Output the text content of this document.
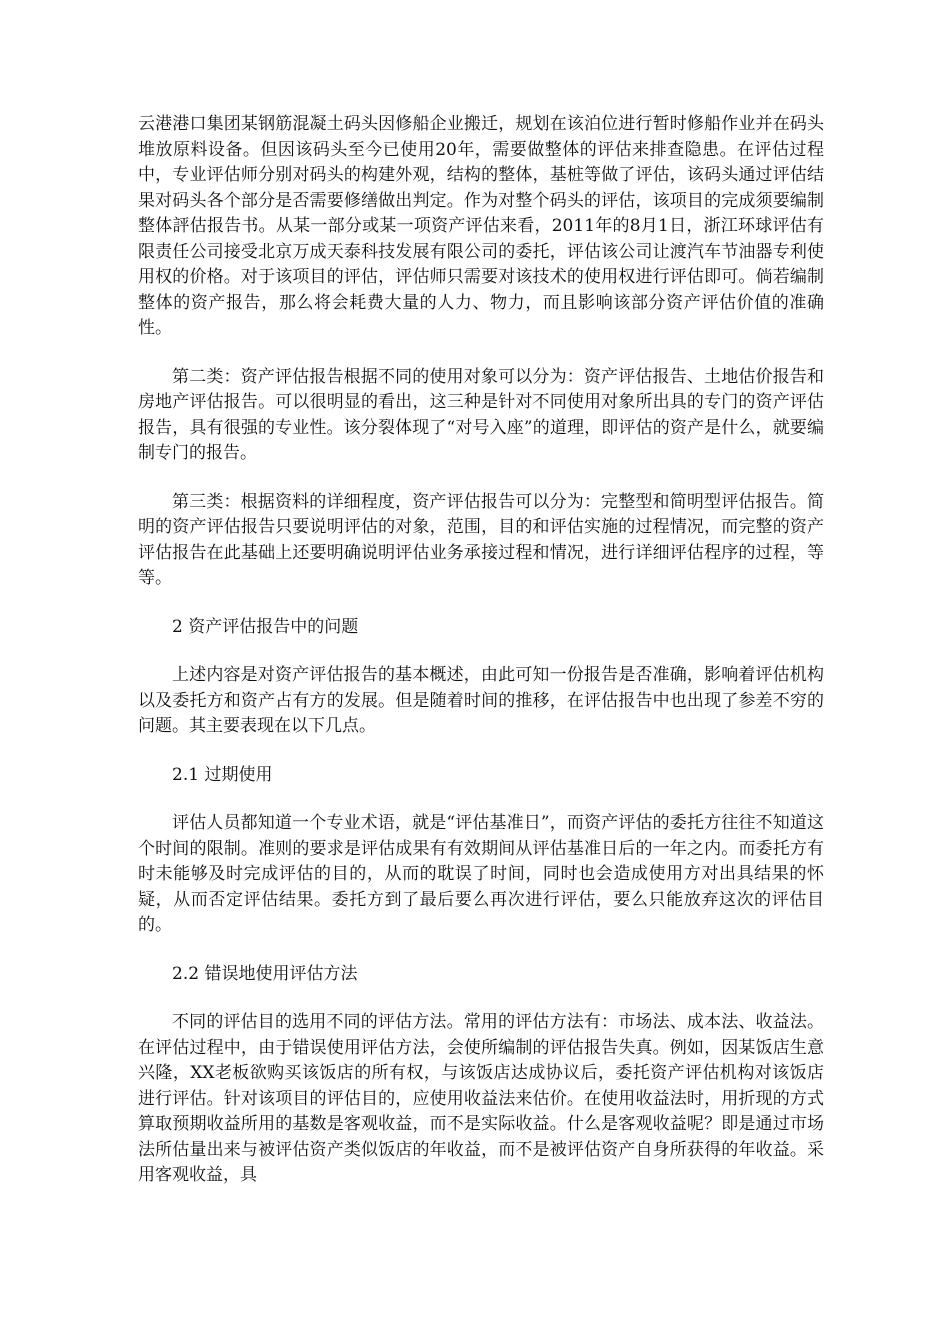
云港港口集团某钢筋混凝土码头因修船企业搬迁，规划在该泊位进行暂时修船作业并在码头堆放原料设备。但因该码头至今已使用20年，需要做整体的评估来排查隐患。在评估过程中，专业评估师分别对码头的构建外观，结构的整体，基桩等做了评估，该码头通过评估结果对码头各个部分是否需要修缮做出判定。作为对整个码头的评估，该项目的完成须要编制整体評估报告书。从某一部分或某一项资产评估来看，2011年的8月1日，浙江环球评估有限责任公司接受北京万成天泰科技发展有限公司的委托，评估该公司让渡汽车节油器专利使用权的价格。对于该项目的评估，评估师只需要对该技术的使用权进行评估即可。倘若编制整体的资产报告，那么将会耗费大量的人力、物力，而且影响该部分资产评估价值的准确性。

第二类：资产评估报告根据不同的使用对象可以分为：资产评估报告、土地估价报告和房地产评估报告。可以很明显的看出，这三种是针对不同使用对象所出具的专门的资产评估报告，具有很强的专业性。该分裂体现了“对号入座”的道理，即评估的资产是什么，就要编制专门的报告。

第三类：根据资料的详细程度，资产评估报告可以分为：完整型和简明型评估报告。简明的资产评估报告只要说明评估的对象，范围，目的和评估实施的过程情况，而完整的资产评估报告在此基础上还要明确说明评估业务承接过程和情况，进行详细评估程序的过程，等等。

2 资产评估报告中的问题

上述内容是对资产评估报告的基本概述，由此可知一份报告是否准确，影响着评估机构以及委托方和资产占有方的发展。但是随着时间的推移，在评估报告中也出现了参差不穷的问题。其主要表现在以下几点。

2.1 过期使用

评估人员都知道一个专业术语，就是“评估基准日”，而资产评估的委托方往往不知道这个时间的限制。准则的要求是评估成果有有效期间从评估基准日后的一年之内。而委托方有时未能够及时完成评估的目的，从而的耽误了时间，同时也会造成使用方对出具结果的怀疑，从而否定评估结果。委托方到了最后要么再次进行评估，要么只能放弃这次的评估目的。

2.2 错误地使用评估方法

不同的评估目的选用不同的评估方法。常用的评估方法有：市场法、成本法、收益法。在评估过程中，由于错误使用评估方法，会使所编制的评估报告失真。例如，因某饭店生意兴隆，XX老板欲购买该饭店的所有权，与该饭店达成协议后，委托资产评估机构对该饭店进行评估。针对该项目的评估目的，应使用收益法来估价。在使用收益法时，用折现的方式算取预期收益所用的基数是客观收益，而不是实际收益。什么是客观收益呢？即是通过市场法所估量出来与被评估资产类似饭店的年收益，而不是被评估资产自身所获得的年收益。采用客观收益，具
